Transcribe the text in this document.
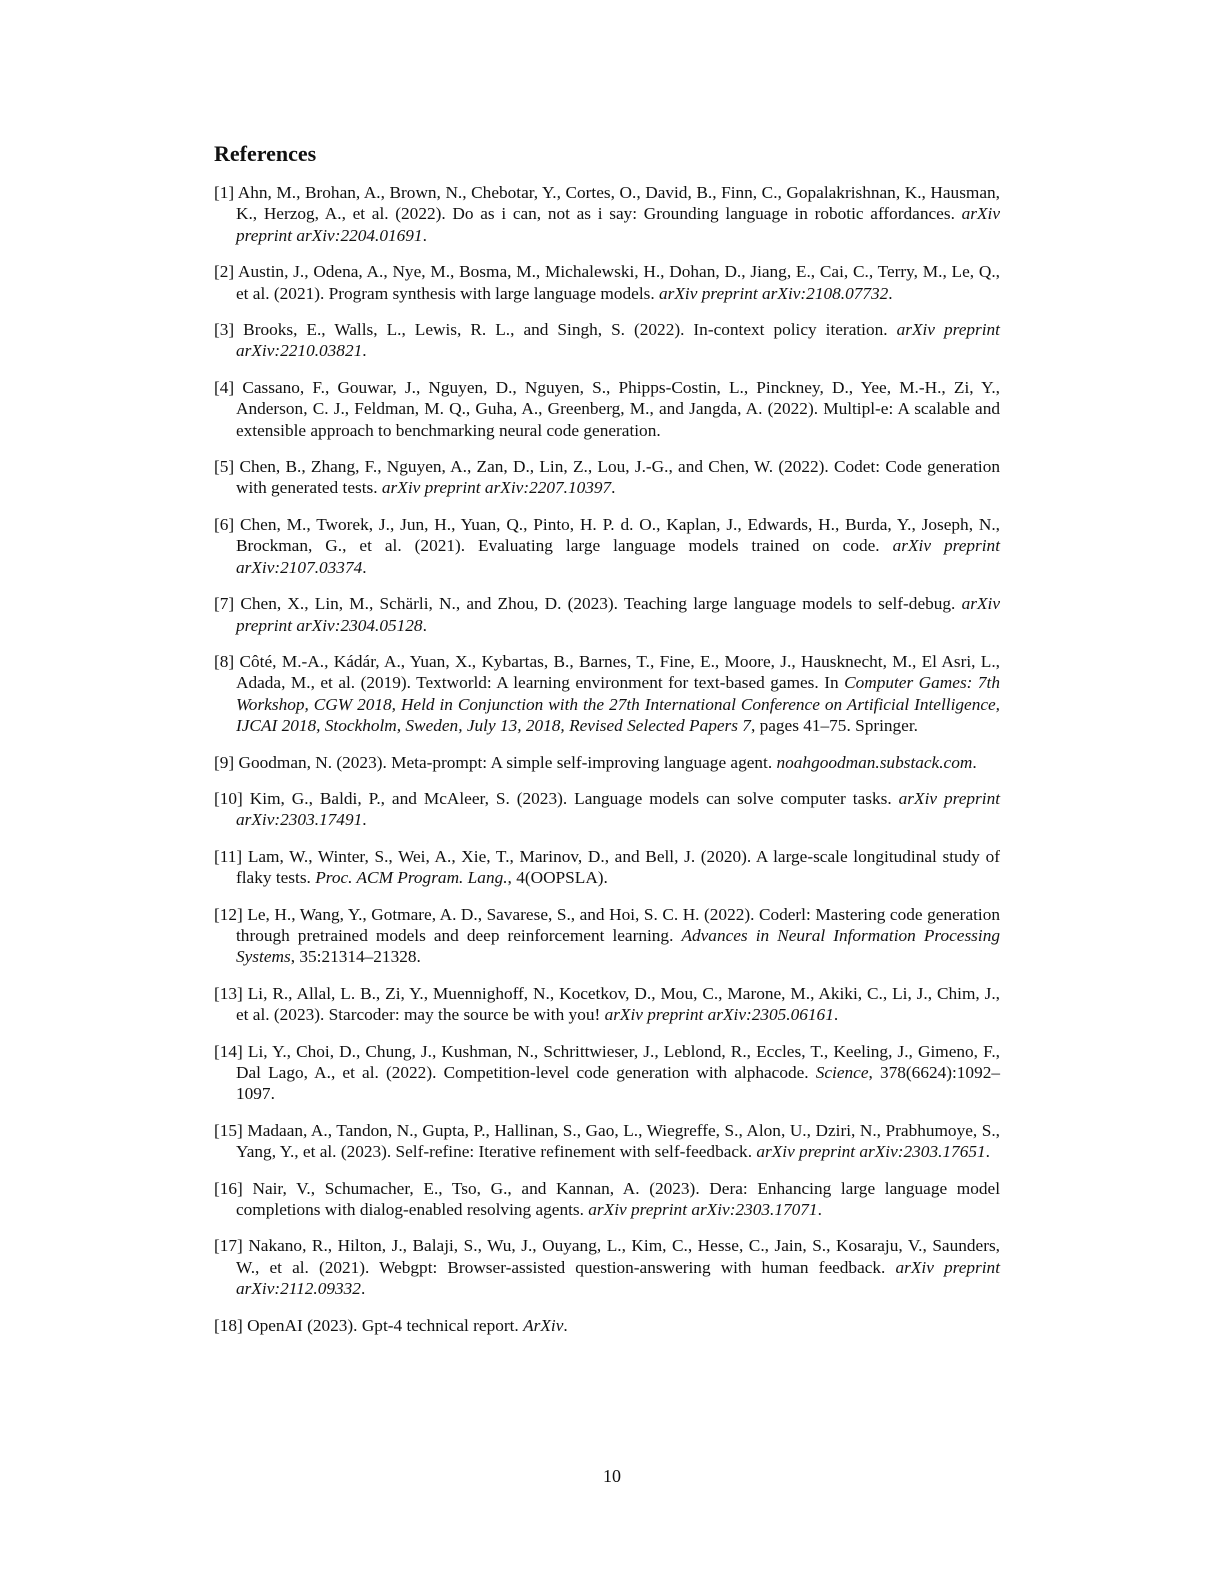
References
[1] Ahn, M., Brohan, A., Brown, N., Chebotar, Y., Cortes, O., David, B., Finn, C., Gopalakrishnan, K., Hausman, K., Herzog, A., et al. (2022). Do as i can, not as i say: Grounding language in robotic affordances. arXiv preprint arXiv:2204.01691.
[2] Austin, J., Odena, A., Nye, M., Bosma, M., Michalewski, H., Dohan, D., Jiang, E., Cai, C., Terry, M., Le, Q., et al. (2021). Program synthesis with large language models. arXiv preprint arXiv:2108.07732.
[3] Brooks, E., Walls, L., Lewis, R. L., and Singh, S. (2022). In-context policy iteration. arXiv preprint arXiv:2210.03821.
[4] Cassano, F., Gouwar, J., Nguyen, D., Nguyen, S., Phipps-Costin, L., Pinckney, D., Yee, M.-H., Zi, Y., Anderson, C. J., Feldman, M. Q., Guha, A., Greenberg, M., and Jangda, A. (2022). Multipl-e: A scalable and extensible approach to benchmarking neural code generation.
[5] Chen, B., Zhang, F., Nguyen, A., Zan, D., Lin, Z., Lou, J.-G., and Chen, W. (2022). Codet: Code generation with generated tests. arXiv preprint arXiv:2207.10397.
[6] Chen, M., Tworek, J., Jun, H., Yuan, Q., Pinto, H. P. d. O., Kaplan, J., Edwards, H., Burda, Y., Joseph, N., Brockman, G., et al. (2021). Evaluating large language models trained on code. arXiv preprint arXiv:2107.03374.
[7] Chen, X., Lin, M., Schärli, N., and Zhou, D. (2023). Teaching large language models to self-debug. arXiv preprint arXiv:2304.05128.
[8] Côté, M.-A., Kádár, A., Yuan, X., Kybartas, B., Barnes, T., Fine, E., Moore, J., Hausknecht, M., El Asri, L., Adada, M., et al. (2019). Textworld: A learning environment for text-based games. In Computer Games: 7th Workshop, CGW 2018, Held in Conjunction with the 27th International Conference on Artificial Intelligence, IJCAI 2018, Stockholm, Sweden, July 13, 2018, Revised Selected Papers 7, pages 41–75. Springer.
[9] Goodman, N. (2023). Meta-prompt: A simple self-improving language agent. noahgoodman.substack.com.
[10] Kim, G., Baldi, P., and McAleer, S. (2023). Language models can solve computer tasks. arXiv preprint arXiv:2303.17491.
[11] Lam, W., Winter, S., Wei, A., Xie, T., Marinov, D., and Bell, J. (2020). A large-scale longitudinal study of flaky tests. Proc. ACM Program. Lang., 4(OOPSLA).
[12] Le, H., Wang, Y., Gotmare, A. D., Savarese, S., and Hoi, S. C. H. (2022). Coderl: Mastering code generation through pretrained models and deep reinforcement learning. Advances in Neural Information Processing Systems, 35:21314–21328.
[13] Li, R., Allal, L. B., Zi, Y., Muennighoff, N., Kocetkov, D., Mou, C., Marone, M., Akiki, C., Li, J., Chim, J., et al. (2023). Starcoder: may the source be with you! arXiv preprint arXiv:2305.06161.
[14] Li, Y., Choi, D., Chung, J., Kushman, N., Schrittwieser, J., Leblond, R., Eccles, T., Keeling, J., Gimeno, F., Dal Lago, A., et al. (2022). Competition-level code generation with alphacode. Science, 378(6624):1092–1097.
[15] Madaan, A., Tandon, N., Gupta, P., Hallinan, S., Gao, L., Wiegreffe, S., Alon, U., Dziri, N., Prabhumoye, S., Yang, Y., et al. (2023). Self-refine: Iterative refinement with self-feedback. arXiv preprint arXiv:2303.17651.
[16] Nair, V., Schumacher, E., Tso, G., and Kannan, A. (2023). Dera: Enhancing large language model completions with dialog-enabled resolving agents. arXiv preprint arXiv:2303.17071.
[17] Nakano, R., Hilton, J., Balaji, S., Wu, J., Ouyang, L., Kim, C., Hesse, C., Jain, S., Kosaraju, V., Saunders, W., et al. (2021). Webgpt: Browser-assisted question-answering with human feedback. arXiv preprint arXiv:2112.09332.
[18] OpenAI (2023). Gpt-4 technical report. ArXiv.
10
